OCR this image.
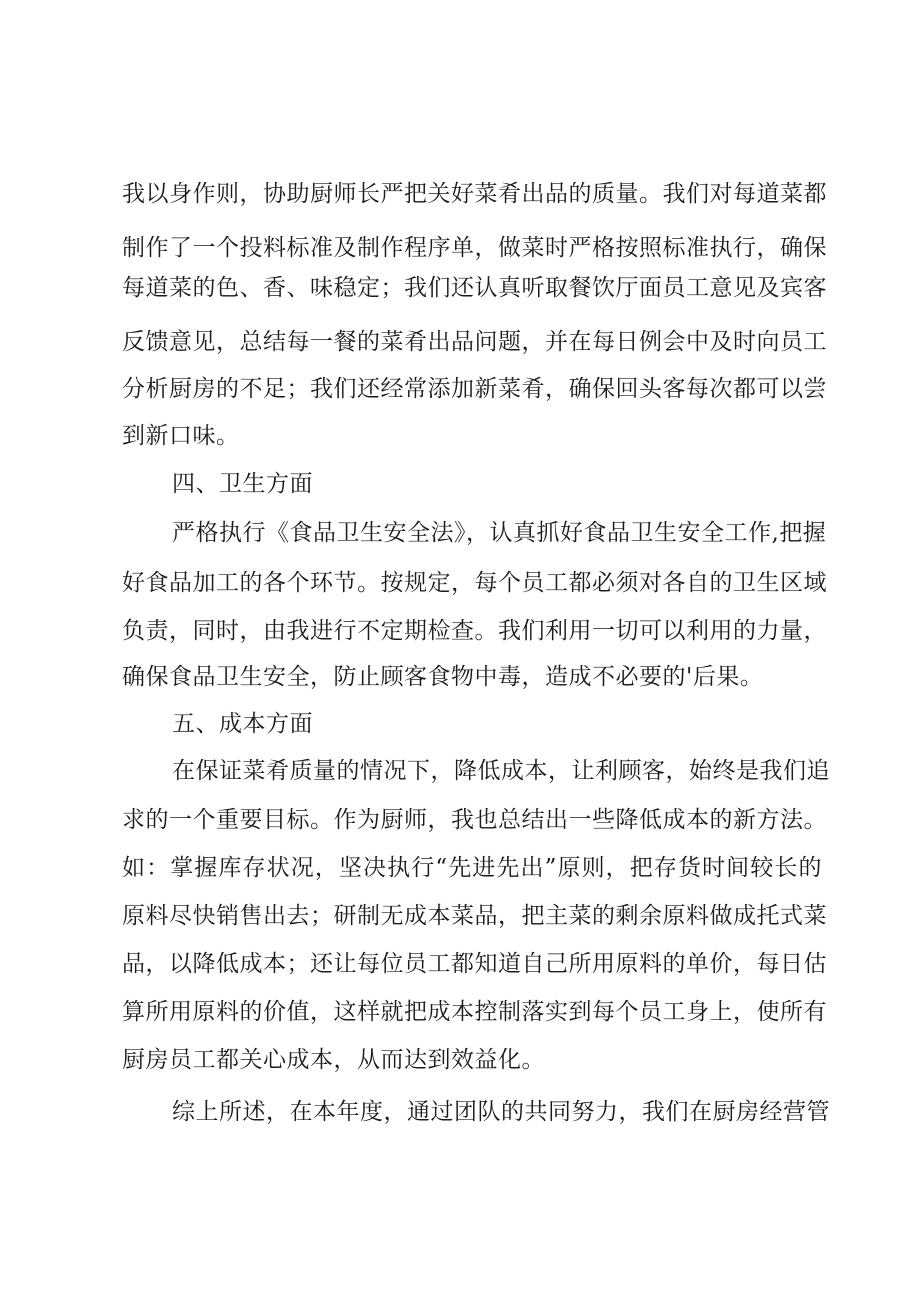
我以身作则，协助厨师长严把关好菜肴出品的质量。我们对每道菜都
制作了一个投料标准及制作程序单，做菜时严格按照标准执行，确保
每道菜的色、香、味稳定；我们还认真听取餐饮厅面员工意见及宾客
反馈意见，总结每一餐的菜肴出品问题，并在每日例会中及时向员工
分析厨房的不足；我们还经常添加新菜肴，确保回头客每次都可以尝
到新口味。
四、卫生方面
严格执行《食品卫生安全法》，认真抓好食品卫生安全工作,把握
好食品加工的各个环节。按规定，每个员工都必须对各自的卫生区域
负责，同时，由我进行不定期检查。我们利用一切可以利用的力量，
确保食品卫生安全，防止顾客食物中毒，造成不必要的'后果。
五、成本方面
在保证菜肴质量的情况下，降低成本，让利顾客，始终是我们追
求的一个重要目标。作为厨师，我也总结出一些降低成本的新方法。
如：掌握库存状况，坚决执行“先进先出”原则，把存货时间较长的
原料尽快销售出去；研制无成本菜品，把主菜的剩余原料做成托式菜
品，以降低成本；还让每位员工都知道自己所用原料的单价，每日估
算所用原料的价值，这样就把成本控制落实到每个员工身上，使所有
厨房员工都关心成本，从而达到效益化。
综上所述，在本年度，通过团队的共同努力，我们在厨房经营管
